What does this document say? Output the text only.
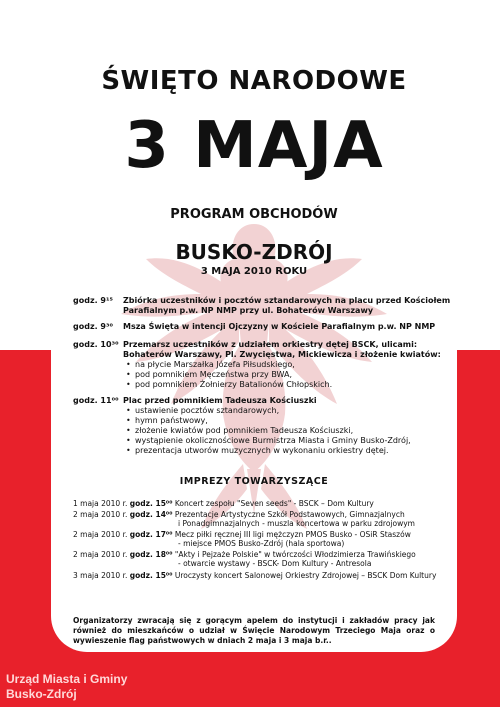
ŚWIĘTO NARODOWE
3 MAJA
PROGRAM OBCHODÓW
BUSKO-ZDRÓJ
3 MAJA 2010 ROKU
godz. 9¹⁵	Zbiórka uczestników i pocztów sztandarowych na placu przed Kościołem Parafialnym p.w. NP NMP przy ul. Bohaterów Warszawy
godz. 9³⁰	Msza Święta w intencji Ojczyzny w Kościele Parafialnym p.w. NP NMP
godz. 10³⁰ Przemarsz uczestników z udziałem orkiestry dętej BSCK, ulicami: Bohaterów Warszawy, Pl. Zwycięstwa, Mickiewicza i złożenie kwiatów:
• na płycie Marszałka Józefa Piłsudskiego,
• pod pomnikiem Męczeństwa przy BWA,
• pod pomnikiem Żołnierzy Batalionów Chłopskich.
godz. 11⁰⁰ Plac przed pomnikiem Tadeusza Kościuszki
• ustawienie pocztów sztandarowych,
• hymn państwowy,
• złożenie kwiatów pod pomnikiem Tadeusza Kościuszki,
• wystąpienie okolicznościowe Burmistrza Miasta i Gminy Busko-Zdrój,
• prezentacja utworów muzycznych w wykonaniu orkiestry dętej.
IMPREZY TOWARZYSZĄCE
1 maja 2010 r. godz. 15⁰⁰ Koncert zespołu "Seven seeds" - BSCK – Dom Kultury
2 maja 2010 r. godz. 14⁰⁰ Prezentacje Artystyczne Szkół Podstawowych, Gimnazjalnych
i Ponadgimnazjalnych - muszla koncertowa w parku zdrojowym
2 maja 2010 r. godz. 17⁰⁰ Mecz piłki ręcznej III ligi mężczyzn PMOS Busko - OSiR Staszów
- miejsce PMOS Busko-Zdrój (hala sportowa)
2 maja 2010 r. godz. 18⁰⁰ "Akty i Pejzaże Polskie" w twórczości Włodzimierza Trawińskiego
- otwarcie wystawy - BSCK- Dom Kultury - Antresola
3 maja 2010 r. godz. 15⁰⁰ Uroczysty koncert Salonowej Orkiestry Zdrojowej – BSCK Dom Kultury
Organizatorzy zwracają się z gorącym apelem do instytucji i zakładów pracy jak również do mieszkańców o udział w Święcie Narodowym Trzeciego Maja oraz o wywieszenie flag państwowych w dniach 2 maja i 3 maja b.r..
Urząd Miasta i Gminy
Busko-Zdrój
